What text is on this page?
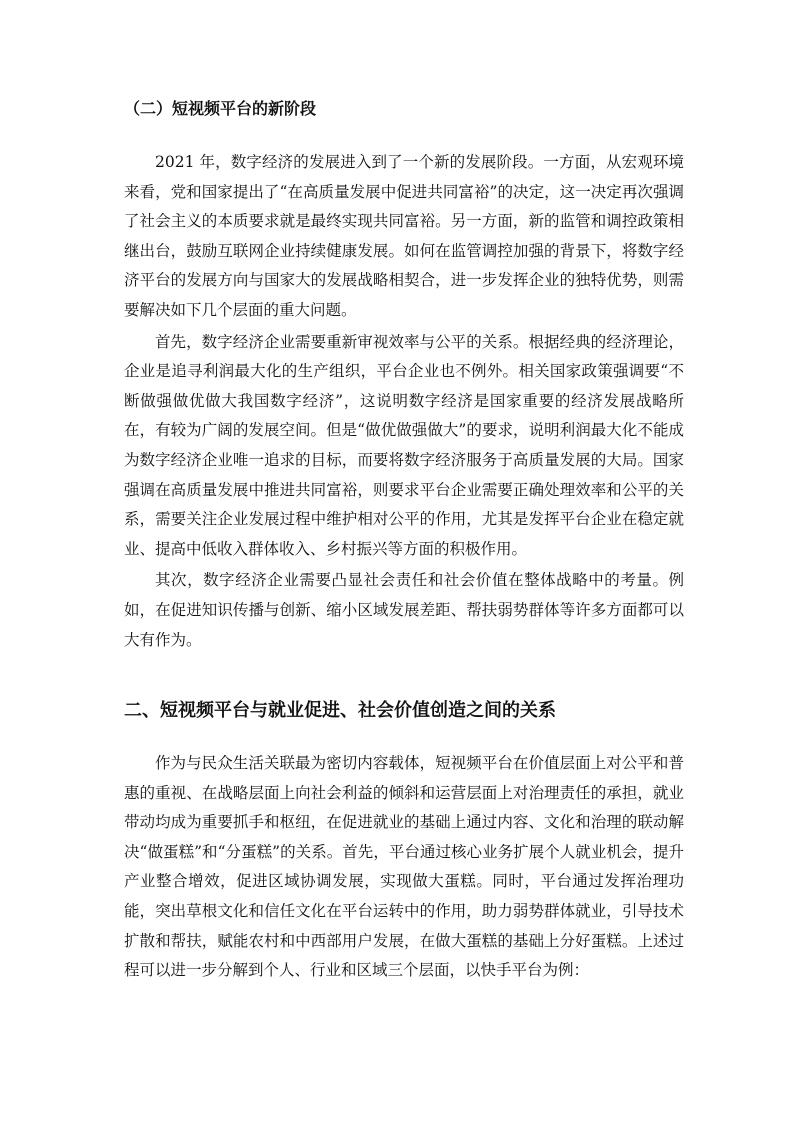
（二）短视频平台的新阶段

2021 年，数字经济的发展进入到了一个新的发展阶段。一方面，从宏观环境来看，党和国家提出了“在高质量发展中促进共同富裕”的决定，这一决定再次强调了社会主义的本质要求就是最终实现共同富裕。另一方面，新的监管和调控政策相继出台，鼓励互联网企业持续健康发展。如何在监管调控加强的背景下，将数字经济平台的发展方向与国家大的发展战略相契合，进一步发挥企业的独特优势，则需要解决如下几个层面的重大问题。

首先，数字经济企业需要重新审视效率与公平的关系。根据经典的经济理论，企业是追寻利润最大化的生产组织，平台企业也不例外。相关国家政策强调要“不断做强做优做大我国数字经济”，这说明数字经济是国家重要的经济发展战略所在，有较为广阔的发展空间。但是“做优做强做大”的要求，说明利润最大化不能成为数字经济企业唯一追求的目标，而要将数字经济服务于高质量发展的大局。国家强调在高质量发展中推进共同富裕，则要求平台企业需要正确处理效率和公平的关系，需要关注企业发展过程中维护相对公平的作用，尤其是发挥平台企业在稳定就业、提高中低收入群体收入、乡村振兴等方面的积极作用。

其次，数字经济企业需要凸显社会责任和社会价值在整体战略中的考量。例如，在促进知识传播与创新、缩小区域发展差距、帮扶弱势群体等许多方面都可以大有作为。

二、短视频平台与就业促进、社会价值创造之间的关系

作为与民众生活关联最为密切内容载体，短视频平台在价值层面上对公平和普惠的重视、在战略层面上向社会利益的倾斜和运营层面上对治理责任的承担，就业带动均成为重要抓手和枢纽，在促进就业的基础上通过内容、文化和治理的联动解决“做蛋糕”和“分蛋糕”的关系。首先，平台通过核心业务扩展个人就业机会，提升产业整合增效，促进区域协调发展，实现做大蛋糕。同时，平台通过发挥治理功能，突出草根文化和信任文化在平台运转中的作用，助力弱势群体就业，引导技术扩散和帮扶，赋能农村和中西部用户发展，在做大蛋糕的基础上分好蛋糕。上述过程可以进一步分解到个人、行业和区域三个层面，以快手平台为例：
